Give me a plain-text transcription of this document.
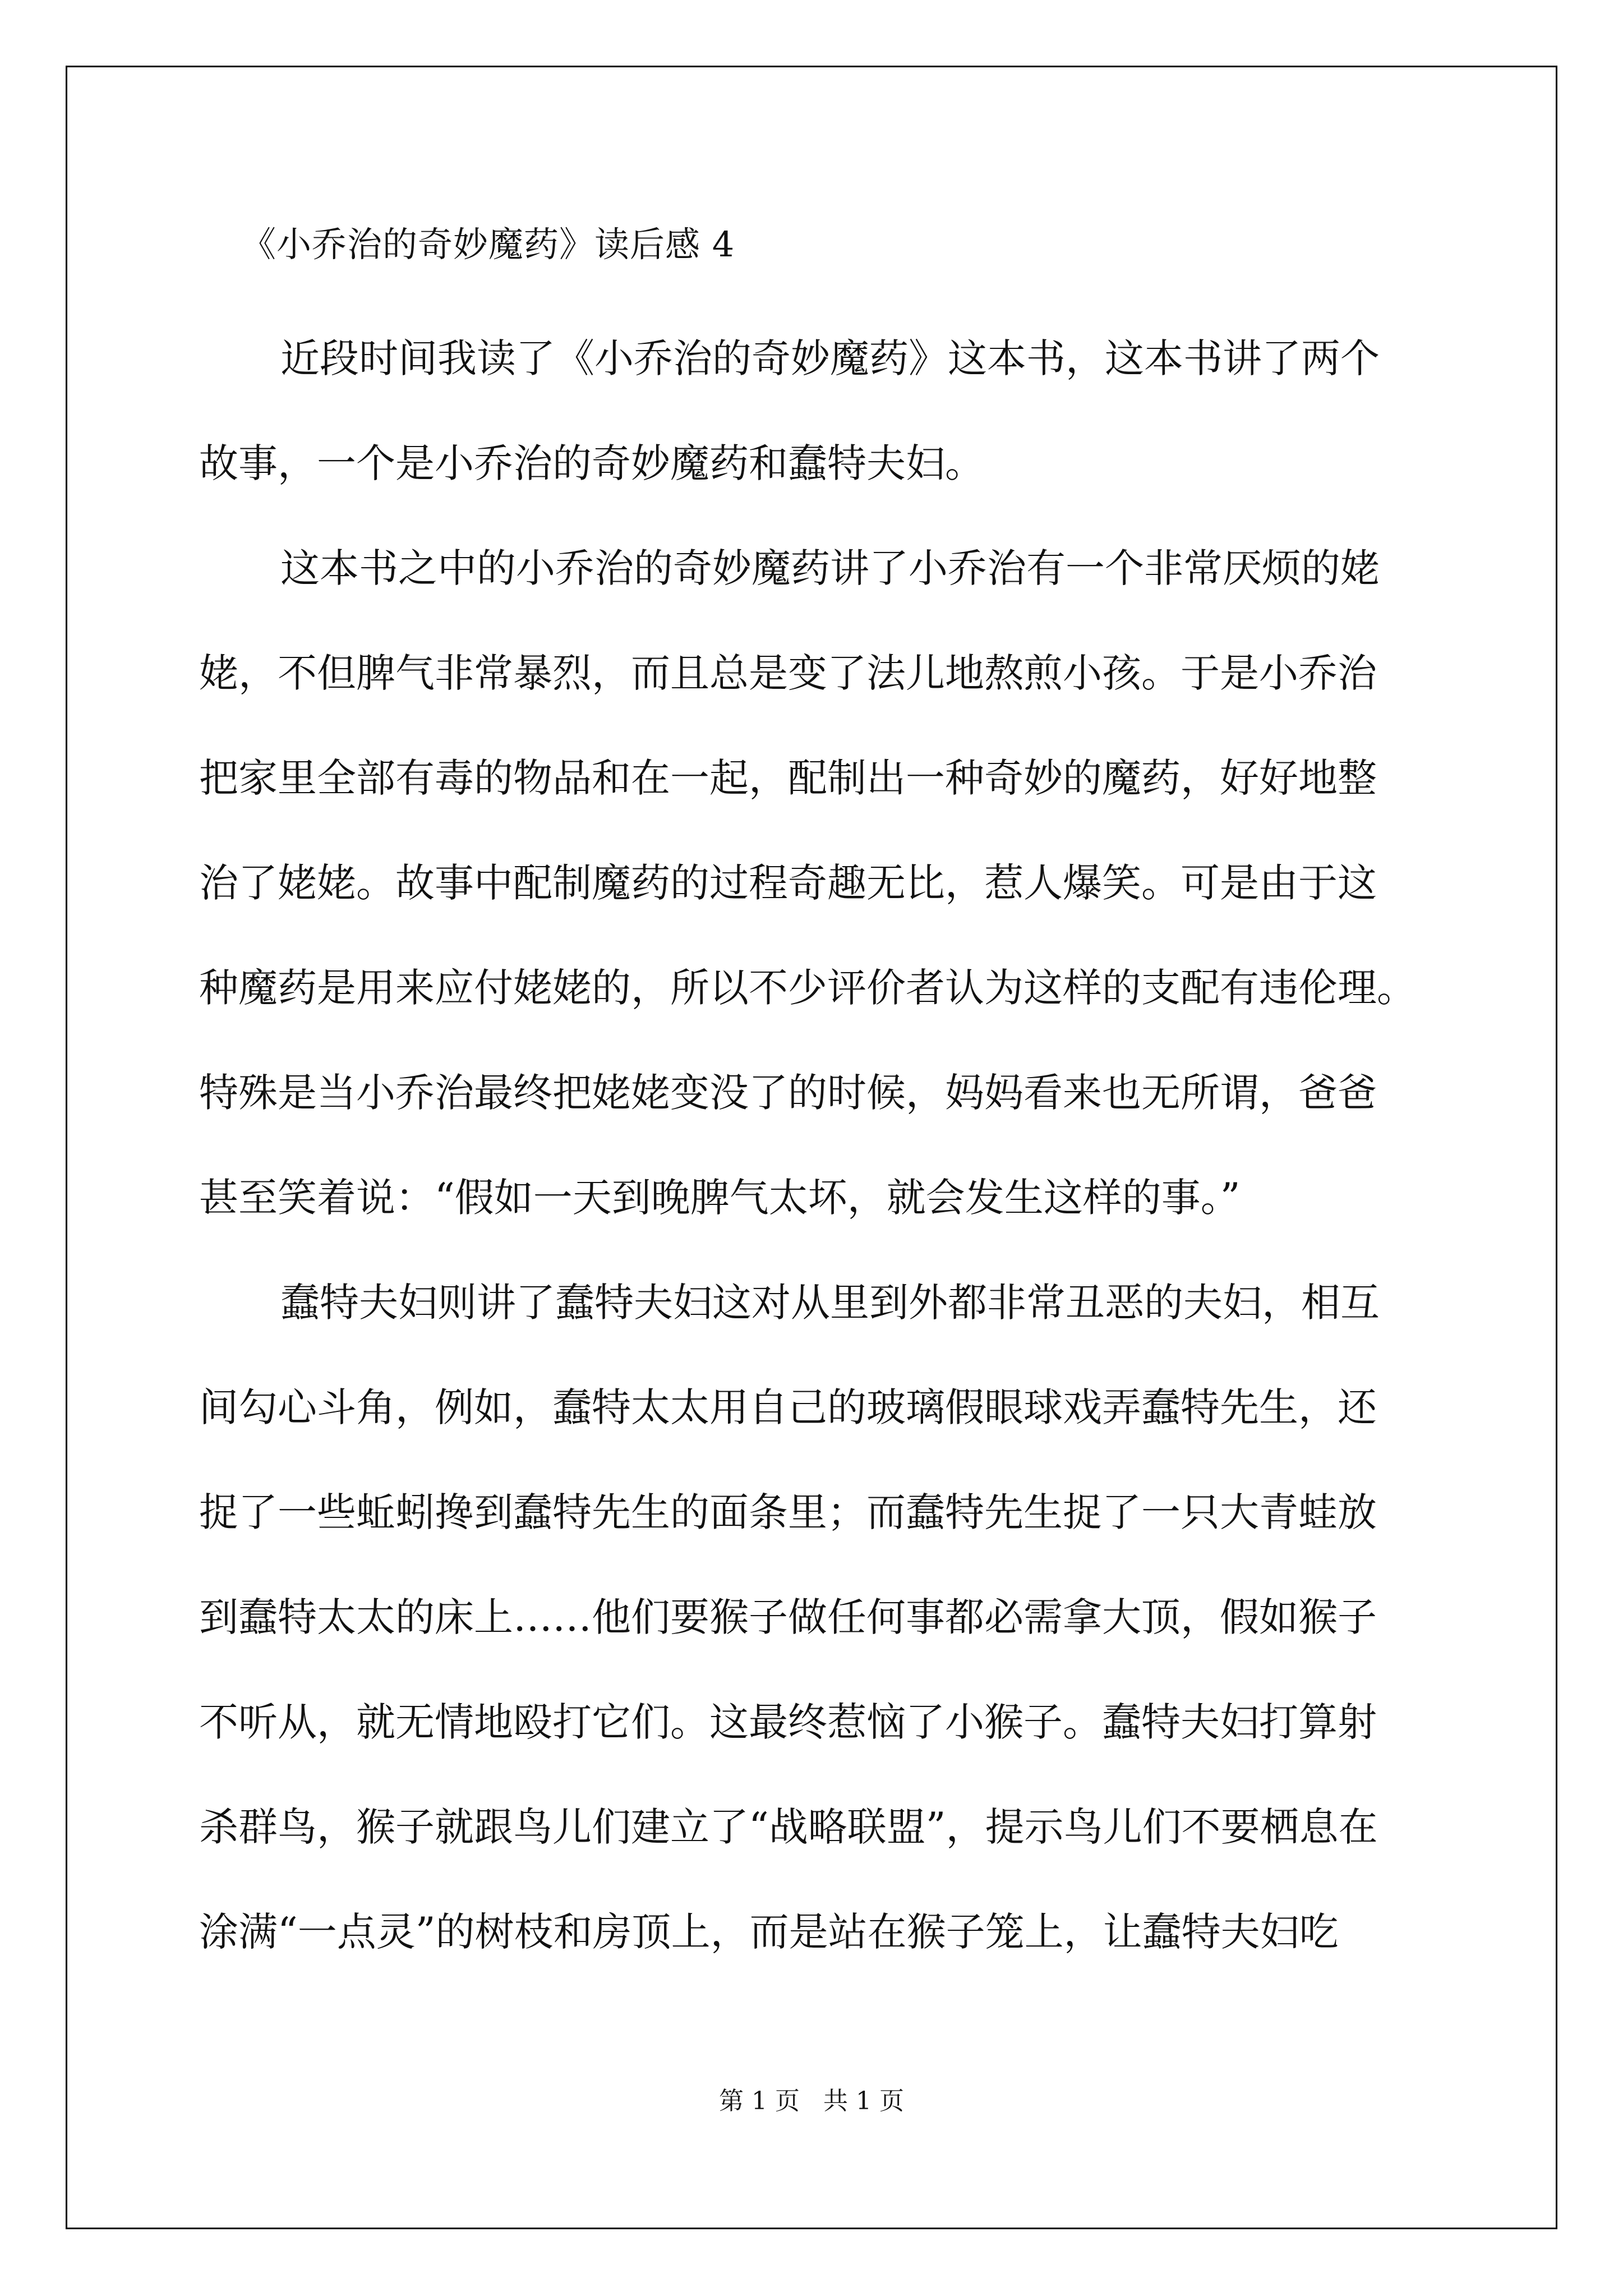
《小乔治的奇妙魔药》读后感 4
近段时间我读了《小乔治的奇妙魔药》这本书，这本书讲了两个
故事，一个是小乔治的奇妙魔药和蠢特夫妇。
这本书之中的小乔治的奇妙魔药讲了小乔治有一个非常厌烦的姥
姥，不但脾气非常暴烈，而且总是变了法儿地熬煎小孩。于是小乔治
把家里全部有毒的物品和在一起，配制出一种奇妙的魔药，好好地整
治了姥姥。故事中配制魔药的过程奇趣无比，惹人爆笑。可是由于这
种魔药是用来应付姥姥的，所以不少评价者认为这样的支配有违伦理。
特殊是当小乔治最终把姥姥变没了的时候，妈妈看来也无所谓，爸爸
甚至笑着说：“假如一天到晚脾气太坏，就会发生这样的事。”
蠢特夫妇则讲了蠢特夫妇这对从里到外都非常丑恶的夫妇，相互
间勾心斗角，例如，蠢特太太用自己的玻璃假眼球戏弄蠢特先生，还
捉了一些蚯蚓搀到蠢特先生的面条里；而蠢特先生捉了一只大青蛙放
到蠢特太太的床上……他们要猴子做任何事都必需拿大顶，假如猴子
不听从，就无情地殴打它们。这最终惹恼了小猴子。蠢特夫妇打算射
杀群鸟，猴子就跟鸟儿们建立了“战略联盟”，提示鸟儿们不要栖息在
涂满“一点灵”的树枝和房顶上，而是站在猴子笼上，让蠢特夫妇吃
第 1 页   共 1 页
